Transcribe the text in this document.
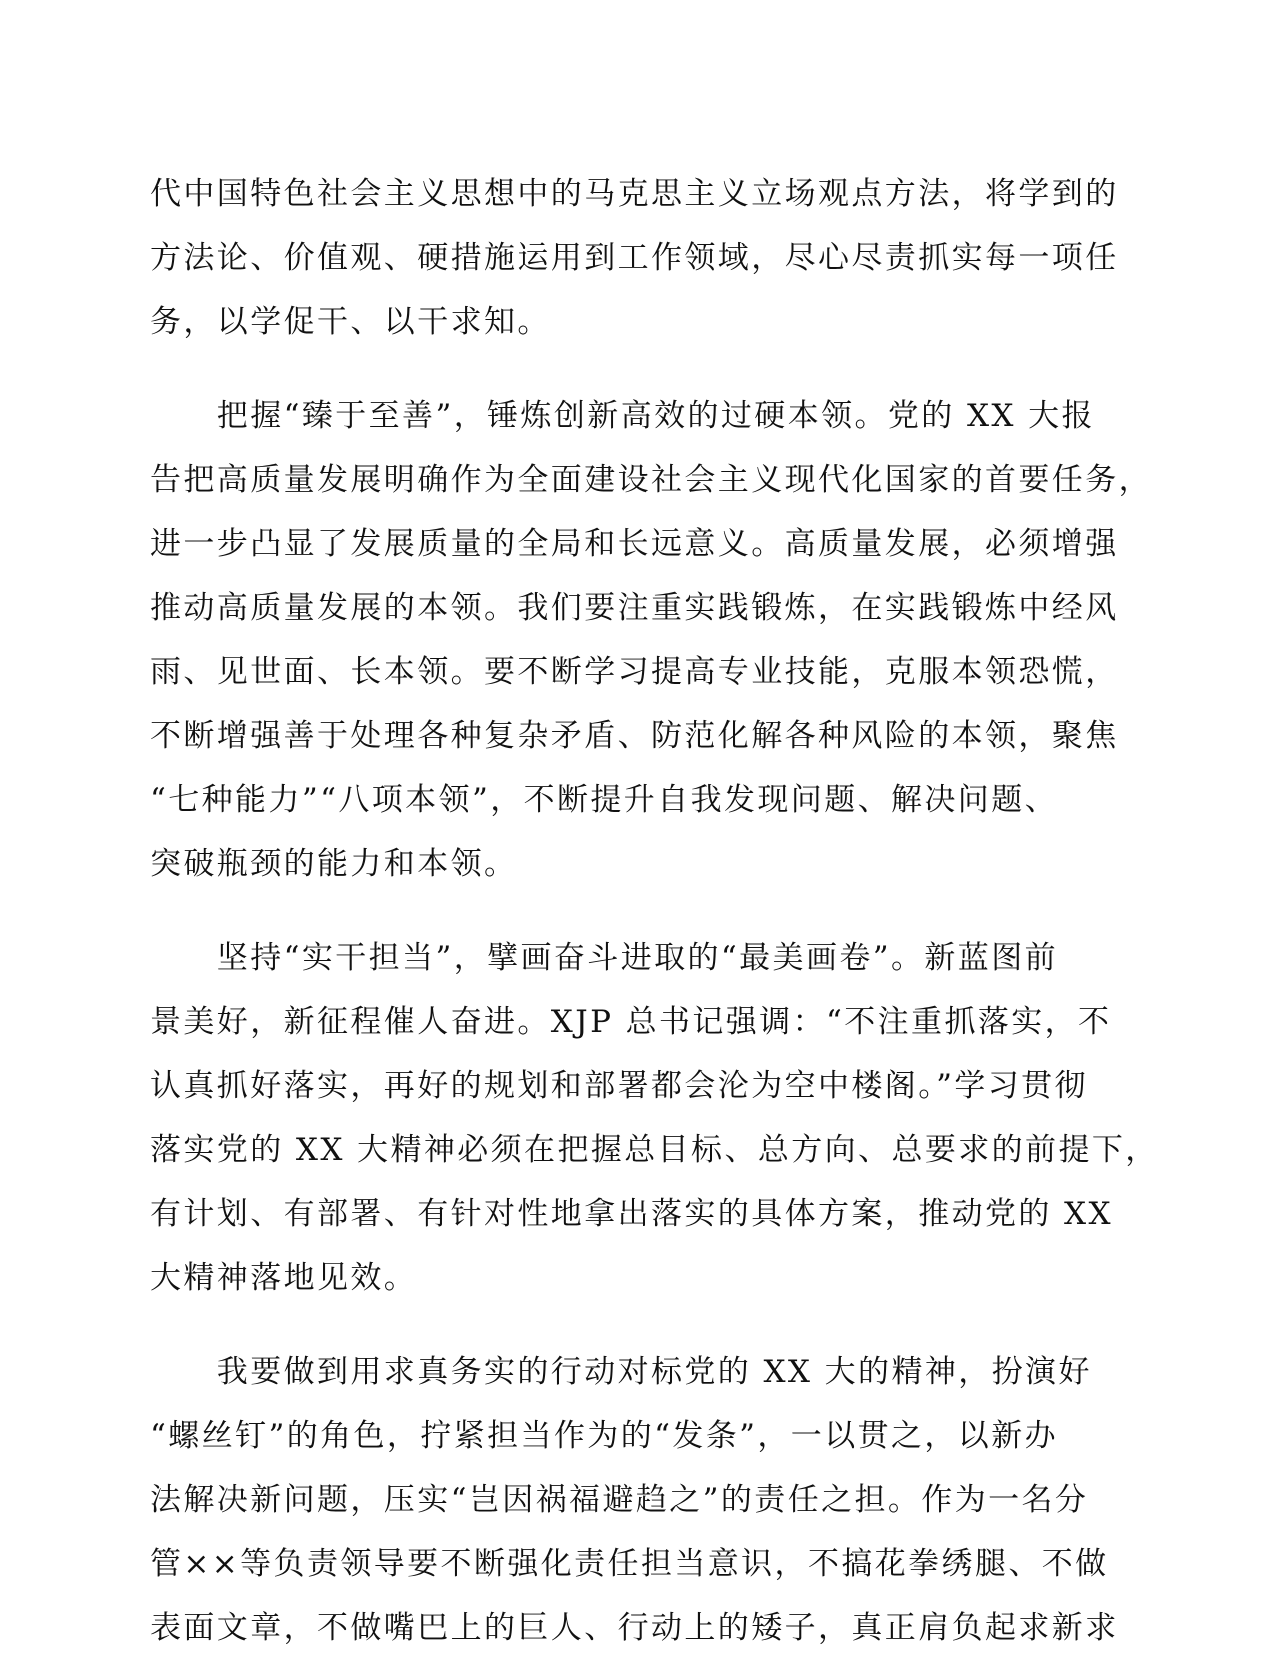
代中国特色社会主义思想中的马克思主义立场观点方法，将学到的
方法论、价值观、硬措施运用到工作领域，尽心尽责抓实每一项任
务，以学促干、以干求知。
　　把握“臻于至善”，锤炼创新高效的过硬本领。党的 XX 大报
告把高质量发展明确作为全面建设社会主义现代化国家的首要任务，
进一步凸显了发展质量的全局和长远意义。高质量发展，必须增强
推动高质量发展的本领。我们要注重实践锻炼，在实践锻炼中经风
雨、见世面、长本领。要不断学习提高专业技能，克服本领恐慌，
不断增强善于处理各种复杂矛盾、防范化解各种风险的本领，聚焦
“七种能力”“八项本领”，不断提升自我发现问题、解决问题、
突破瓶颈的能力和本领。
　　坚持“实干担当”，擘画奋斗进取的“最美画卷”。新蓝图前
景美好，新征程催人奋进。XJP 总书记强调：“不注重抓落实，不
认真抓好落实，再好的规划和部署都会沦为空中楼阁。”学习贯彻
落实党的 XX 大精神必须在把握总目标、总方向、总要求的前提下，
有计划、有部署、有针对性地拿出落实的具体方案，推动党的 XX
大精神落地见效。
　　我要做到用求真务实的行动对标党的 XX 大的精神，扮演好
“螺丝钉”的角色，拧紧担当作为的“发条”，一以贯之，以新办
法解决新问题，压实“岂因祸福避趋之”的责任之担。作为一名分
管××等负责领导要不断强化责任担当意识，不搞花拳绣腿、不做
表面文章，不做嘴巴上的巨人、行动上的矮子，真正肩负起求新求
